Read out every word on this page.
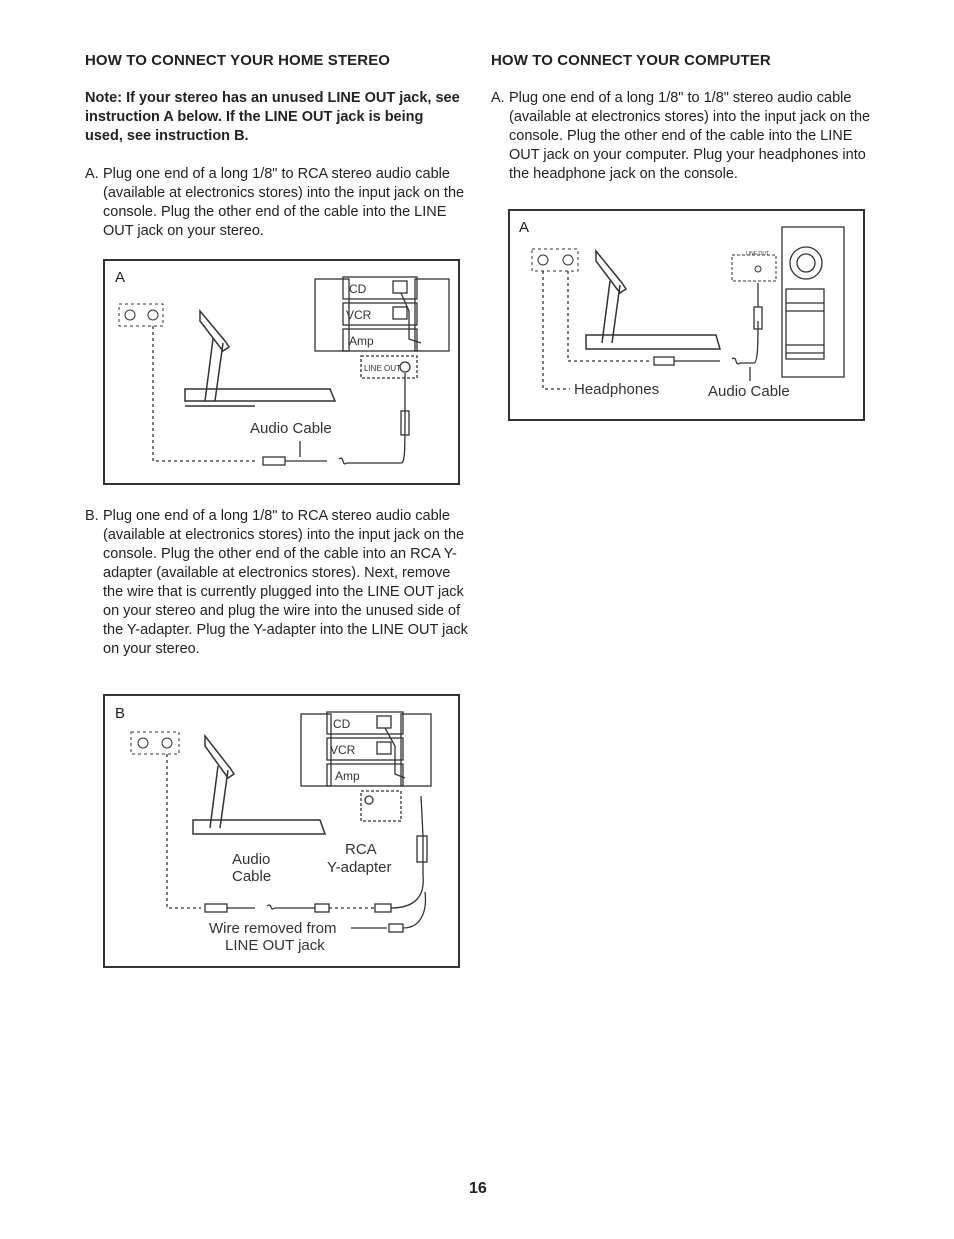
HOW TO CONNECT YOUR HOME STEREO
Note: If your stereo has an unused LINE OUT jack, see instruction A below. If the LINE OUT jack is being used, see instruction B.
A. Plug one end of a long 1/8" to RCA stereo audio cable (available at electronics stores) into the input jack on the console. Plug the other end of the cable into the LINE OUT jack on your stereo.
A
CD
VCR
Amp
LINE OUT
Audio Cable
B. Plug one end of a long 1/8" to RCA stereo audio cable (available at electronics stores) into the input jack on the console. Plug the other end of the cable into an RCA Y-adapter (available at electronics stores). Next, remove the wire that is currently plugged into the LINE OUT jack on your stereo and plug the wire into the unused side of the Y-adapter. Plug the Y-adapter into the LINE OUT jack on your stereo.
B
CD
VCR
Amp
Audio
Cable
RCA
Y-adapter
Wire removed from
LINE OUT jack
HOW TO CONNECT YOUR COMPUTER
A. Plug one end of a long 1/8" to 1/8" stereo audio cable (available at electronics stores) into the input jack on the console. Plug the other end of the cable into the LINE OUT jack on your computer. Plug your headphones into the headphone jack on the console.
A
LINE OUT
Headphones	Audio Cable
16
